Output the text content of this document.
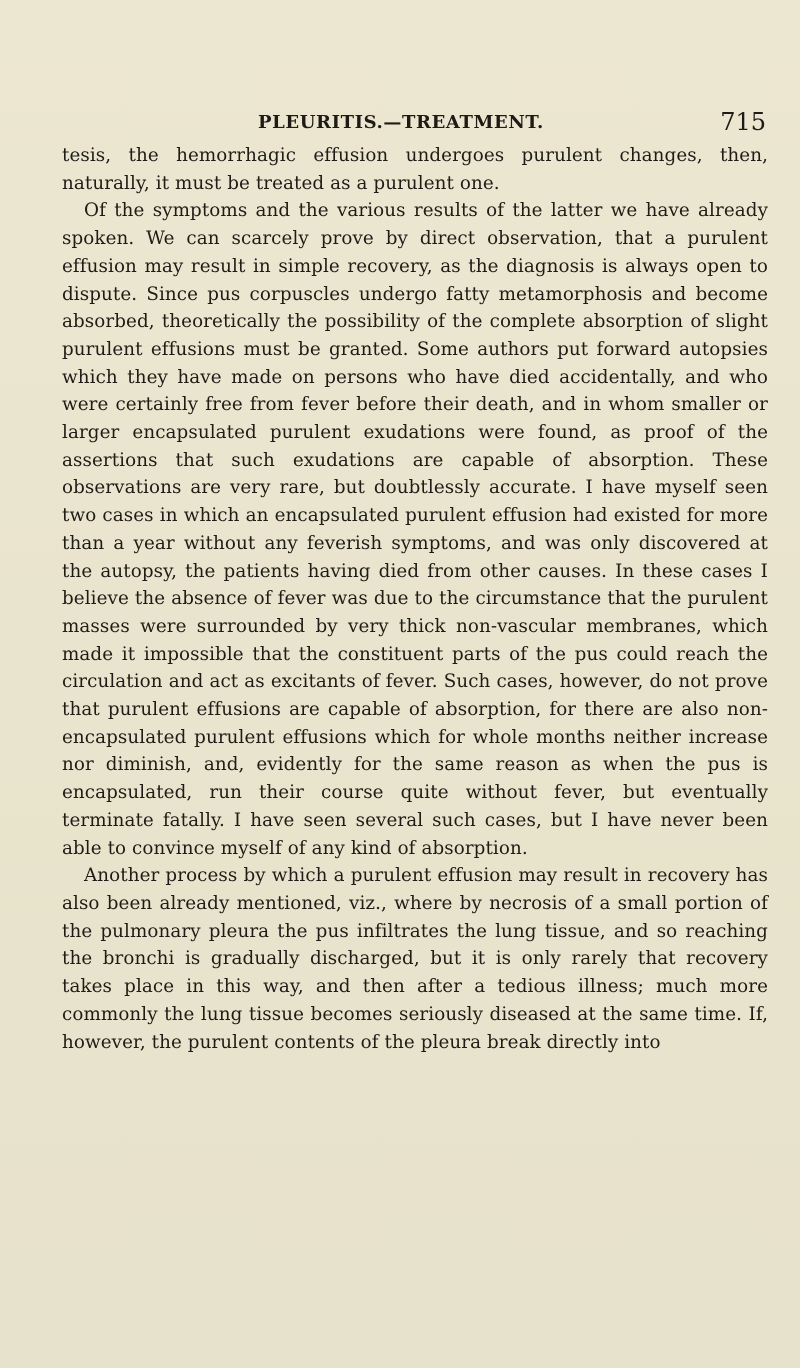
PLEURITIS.—TREATMENT.	715

tesis, the hemorrhagic effusion undergoes purulent changes, then, naturally, it must be treated as a purulent one.

Of the symptoms and the various results of the latter we have already spoken. We can scarcely prove by direct observation, that a purulent effusion may result in simple recovery, as the diagnosis is always open to dispute. Since pus corpuscles undergo fatty metamorphosis and become absorbed, theoretically the possibility of the complete absorption of slight purulent effusions must be granted. Some authors put forward autopsies which they have made on persons who have died accidentally, and who were certainly free from fever before their death, and in whom smaller or larger encapsulated purulent exudations were found, as proof of the assertions that such exudations are capable of absorption. These observations are very rare, but doubtlessly accurate. I have myself seen two cases in which an encapsulated purulent effusion had existed for more than a year without any feverish symptoms, and was only discovered at the autopsy, the patients having died from other causes. In these cases I believe the absence of fever was due to the circumstance that the purulent masses were surrounded by very thick non-vascular membranes, which made it impossible that the constituent parts of the pus could reach the circulation and act as excitants of fever. Such cases, however, do not prove that purulent effusions are capable of absorption, for there are also non-encapsulated purulent effusions which for whole months neither increase nor diminish, and, evidently for the same reason as when the pus is encapsulated, run their course quite without fever, but eventually terminate fatally. I have seen several such cases, but I have never been able to convince myself of any kind of absorption.

Another process by which a purulent effusion may result in recovery has also been already mentioned, viz., where by necrosis of a small portion of the pulmonary pleura the pus infiltrates the lung tissue, and so reaching the bronchi is gradually discharged, but it is only rarely that recovery takes place in this way, and then after a tedious illness; much more commonly the lung tissue becomes seriously diseased at the same time. If, however, the purulent contents of the pleura break directly into
